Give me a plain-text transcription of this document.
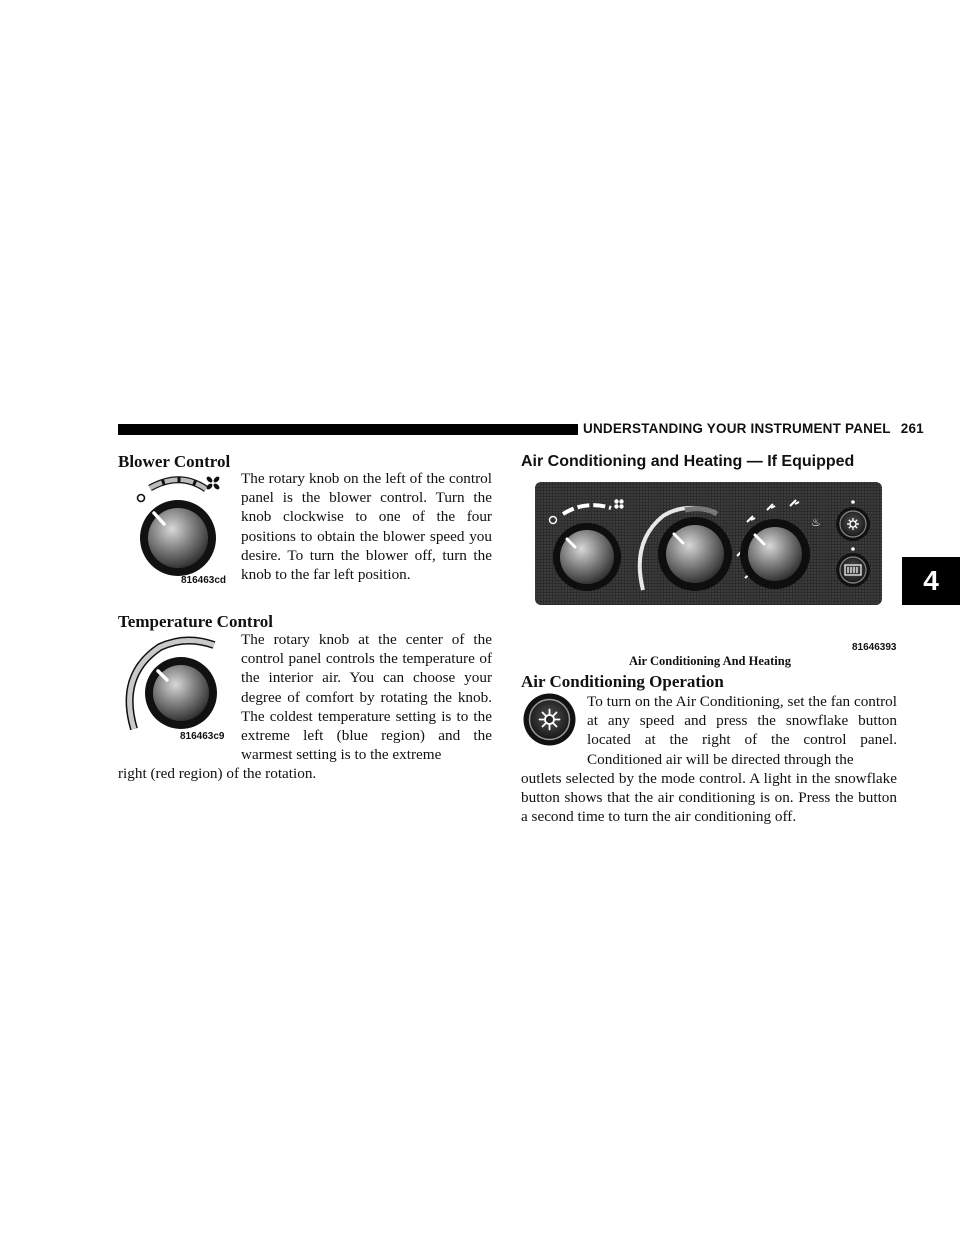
UNDERSTANDING YOUR INSTRUMENT PANEL 261
4
Blower Control
816463cd

The rotary knob on the left of the control panel is the blower control. Turn the knob clockwise to one of the four positions to obtain the blower speed you desire. To turn the blower off, turn the knob to the far left position.

Temperature Control
816463c9

The rotary knob at the center of the control panel controls the temperature of the interior air. You can choose your degree of comfort by rotating the knob. The coldest temperature setting is to the extreme left (blue region) and the warmest setting is to the extreme

right (red region) of the rotation.

Air Conditioning and Heating — If Equipped
♨
81646393
Air Conditioning And Heating
Air Conditioning Operation

To turn on the Air Conditioning, set the fan control at any speed and press the snowflake button located at the right of the control panel. Conditioned air will be directed through the

outlets selected by the mode control. A light in the snowflake button shows that the air conditioning is on. Press the button a second time to turn the air conditioning off.
